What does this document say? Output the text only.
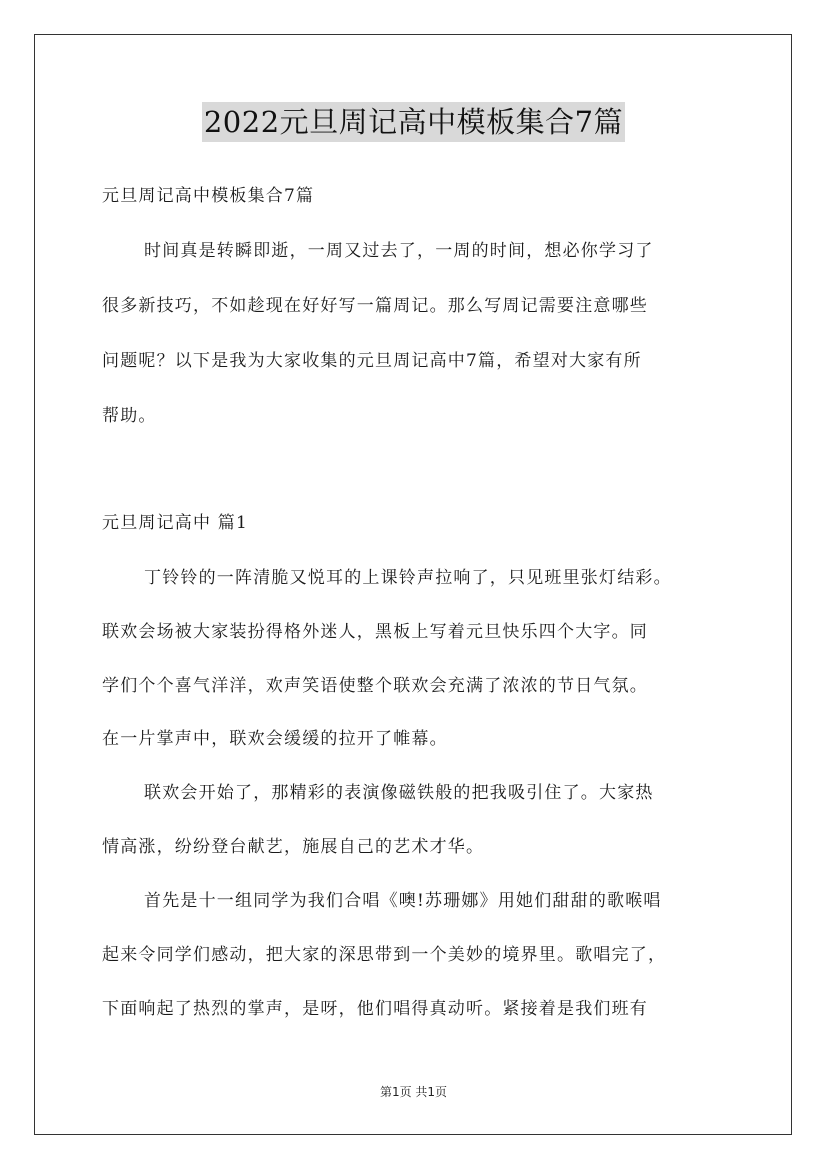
2022元旦周记高中模板集合7篇
元旦周记高中模板集合7篇
时间真是转瞬即逝，一周又过去了，一周的时间，想必你学习了
很多新技巧，不如趁现在好好写一篇周记。那么写周记需要注意哪些
问题呢？以下是我为大家收集的元旦周记高中7篇，希望对大家有所
帮助。
元旦周记高中 篇1
丁铃铃的一阵清脆又悦耳的上课铃声拉响了，只见班里张灯结彩。
联欢会场被大家装扮得格外迷人，黑板上写着元旦快乐四个大字。同
学们个个喜气洋洋，欢声笑语使整个联欢会充满了浓浓的节日气氛。
在一片掌声中，联欢会缓缓的拉开了帷幕。
联欢会开始了，那精彩的表演像磁铁般的把我吸引住了。大家热
情高涨，纷纷登台献艺，施展自己的艺术才华。
首先是十一组同学为我们合唱《噢!苏珊娜》用她们甜甜的歌喉唱
起来令同学们感动，把大家的深思带到一个美妙的境界里。歌唱完了，
下面响起了热烈的掌声，是呀，他们唱得真动听。紧接着是我们班有
第1页 共1页
